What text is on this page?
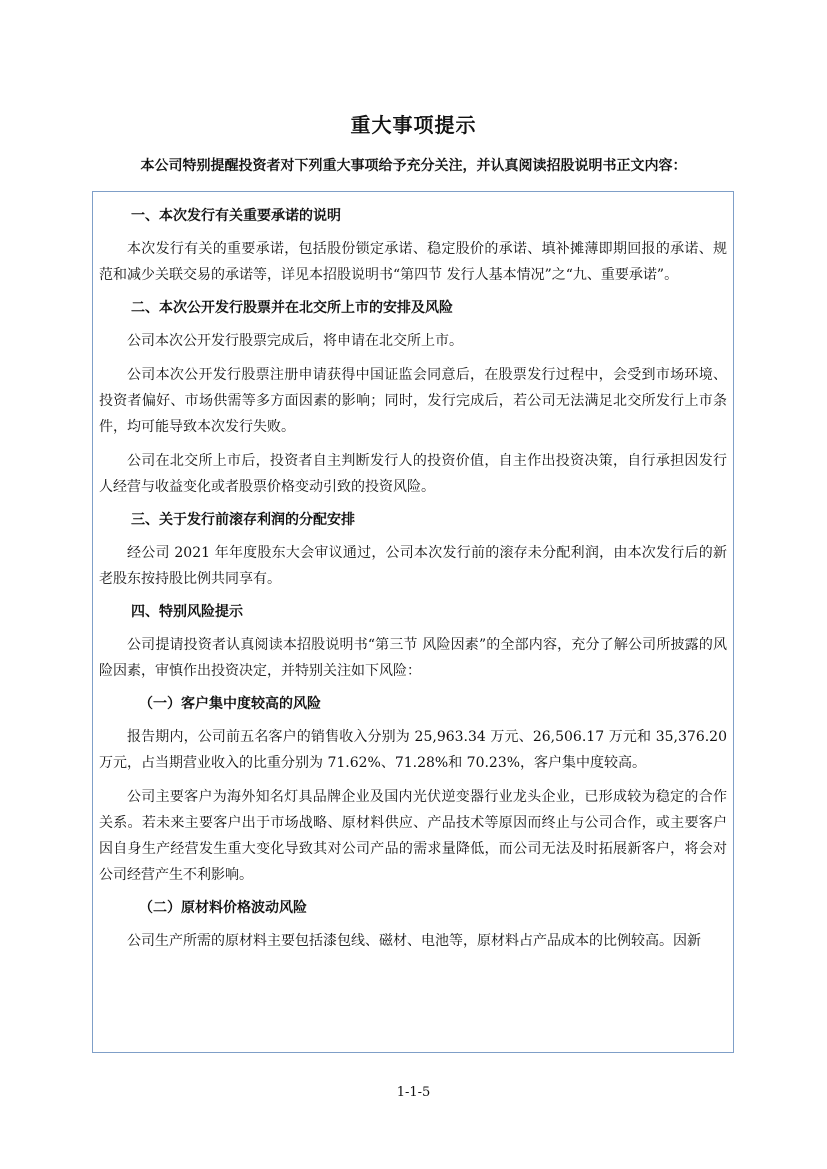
重大事项提示
本公司特别提醒投资者对下列重大事项给予充分关注，并认真阅读招股说明书正文内容：
一、本次发行有关重要承诺的说明

本次发行有关的重要承诺，包括股份锁定承诺、稳定股价的承诺、填补摊薄即期回报的承诺、规范和减少关联交易的承诺等，详见本招股说明书“第四节 发行人基本情况”之“九、重要承诺”。

二、本次公开发行股票并在北交所上市的安排及风险

公司本次公开发行股票完成后，将申请在北交所上市。

公司本次公开发行股票注册申请获得中国证监会同意后，在股票发行过程中，会受到市场环境、投资者偏好、市场供需等多方面因素的影响；同时，发行完成后，若公司无法满足北交所发行上市条件，均可能导致本次发行失败。

公司在北交所上市后，投资者自主判断发行人的投资价值，自主作出投资决策，自行承担因发行人经营与收益变化或者股票价格变动引致的投资风险。

三、关于发行前滚存利润的分配安排

经公司 2021 年年度股东大会审议通过，公司本次发行前的滚存未分配利润，由本次发行后的新老股东按持股比例共同享有。

四、特别风险提示

公司提请投资者认真阅读本招股说明书“第三节 风险因素”的全部内容，充分了解公司所披露的风险因素，审慎作出投资决定，并特别关注如下风险：

（一）客户集中度较高的风险

报告期内，公司前五名客户的销售收入分别为 25,963.34 万元、26,506.17 万元和 35,376.20 万元，占当期营业收入的比重分别为 71.62%、71.28%和 70.23%，客户集中度较高。

公司主要客户为海外知名灯具品牌企业及国内光伏逆变器行业龙头企业，已形成较为稳定的合作关系。若未来主要客户出于市场战略、原材料供应、产品技术等原因而终止与公司合作，或主要客户因自身生产经营发生重大变化导致其对公司产品的需求量降低，而公司无法及时拓展新客户，将会对公司经营产生不利影响。

（二）原材料价格波动风险

公司生产所需的原材料主要包括漆包线、磁材、电池等，原材料占产品成本的比例较高。因新

1-1-5
